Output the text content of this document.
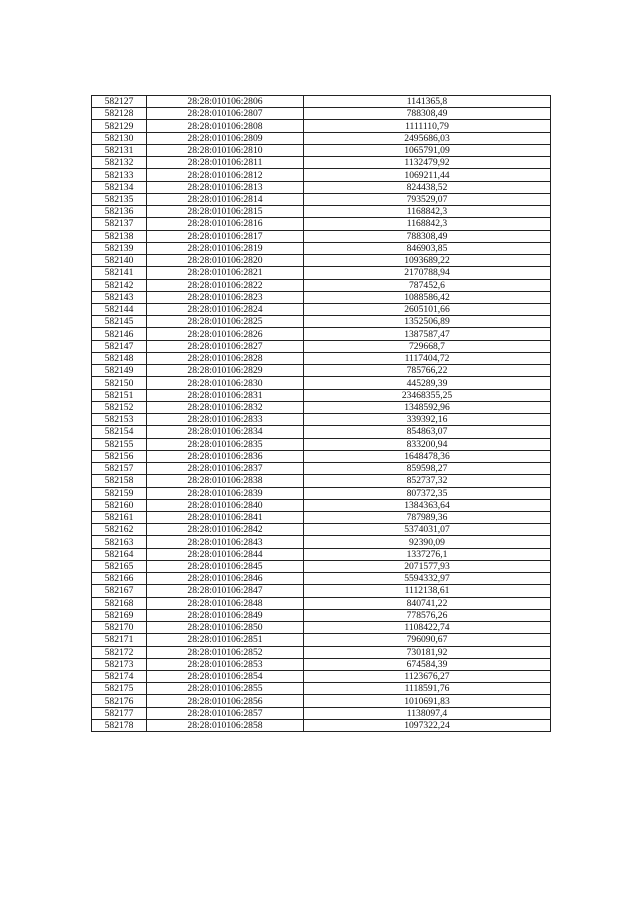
582127	28:28:010106:2806	1141365,8
582128	28:28:010106:2807	788308,49
582129	28:28:010106:2808	1111110,79
582130	28:28:010106:2809	2495686,03
582131	28:28:010106:2810	1065791,09
582132	28:28:010106:2811	1132479,92
582133	28:28:010106:2812	1069211,44
582134	28:28:010106:2813	824438,52
582135	28:28:010106:2814	793529,07
582136	28:28:010106:2815	1168842,3
582137	28:28:010106:2816	1168842,3
582138	28:28:010106:2817	788308,49
582139	28:28:010106:2819	846903,85
582140	28:28:010106:2820	1093689,22
582141	28:28:010106:2821	2170788,94
582142	28:28:010106:2822	787452,6
582143	28:28:010106:2823	1088586,42
582144	28:28:010106:2824	2605101,66
582145	28:28:010106:2825	1352506,89
582146	28:28:010106:2826	1387587,47
582147	28:28:010106:2827	729668,7
582148	28:28:010106:2828	1117404,72
582149	28:28:010106:2829	785766,22
582150	28:28:010106:2830	445289,39
582151	28:28:010106:2831	23468355,25
582152	28:28:010106:2832	1348592,96
582153	28:28:010106:2833	339392,16
582154	28:28:010106:2834	854863,07
582155	28:28:010106:2835	833200,94
582156	28:28:010106:2836	1648478,36
582157	28:28:010106:2837	859598,27
582158	28:28:010106:2838	852737,32
582159	28:28:010106:2839	807372,35
582160	28:28:010106:2840	1384363,64
582161	28:28:010106:2841	787989,36
582162	28:28:010106:2842	5374031,07
582163	28:28:010106:2843	92390,09
582164	28:28:010106:2844	1337276,1
582165	28:28:010106:2845	2071577,93
582166	28:28:010106:2846	5594332,97
582167	28:28:010106:2847	1112138,61
582168	28:28:010106:2848	840741,22
582169	28:28:010106:2849	778576,26
582170	28:28:010106:2850	1108422,74
582171	28:28:010106:2851	796090,67
582172	28:28:010106:2852	730181,92
582173	28:28:010106:2853	674584,39
582174	28:28:010106:2854	1123676,27
582175	28:28:010106:2855	1118591,76
582176	28:28:010106:2856	1010691,83
582177	28:28:010106:2857	1138097,4
582178	28:28:010106:2858	1097322,24
